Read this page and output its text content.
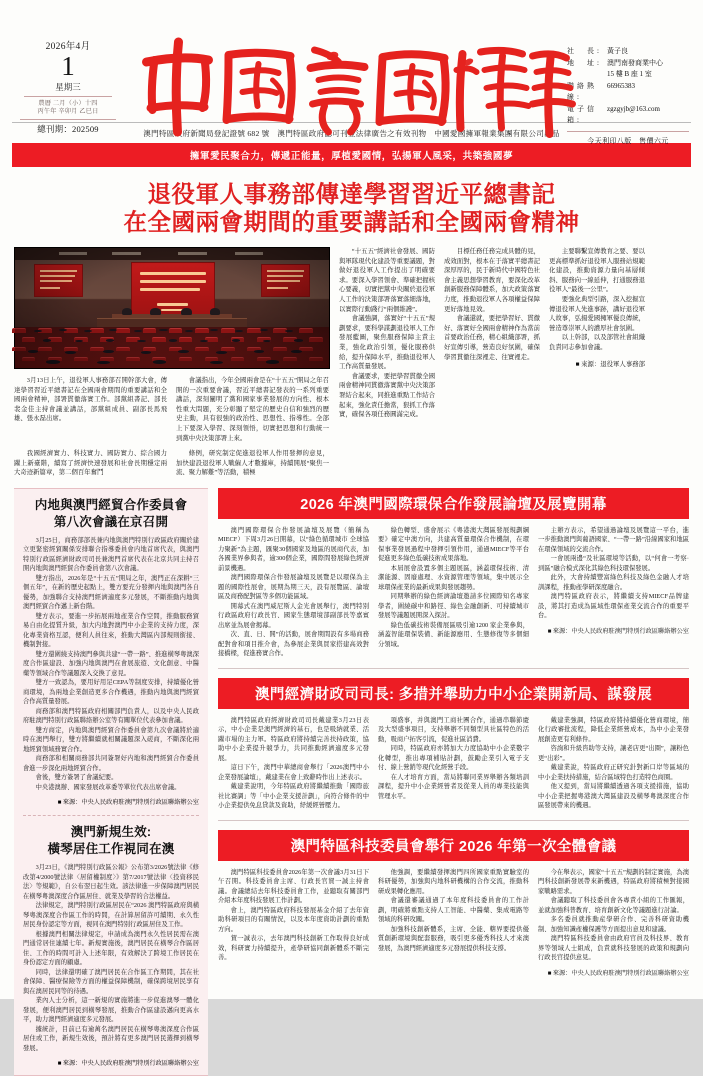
2026年4月
1
星期三
農曆 二月（小）十四
丙午年 辛卯月 乙巳日
總刊期：202509
社　長: 黃子良
地　址: 澳門南發商業中心
15 樓 B 座 1 室
聯絡熱線:
66965383
電子信箱:
zgzgyjb@163.com
今天利印八版　售價六元
澳門特區政府新聞局登記證號 682 號　澳門特區政府認可刊登法律廣告之有效刊物　中國愛國擁軍報業集團有限公司出品
擁軍愛民聚合力，傳遞正能量，厚植愛國情，弘揚軍人風采，共築強國夢
退役軍人事務部傳達學習習近平總書記
在全國兩會期間的重要講話和全國兩會精神

3月13日上午，退役軍人事務部召開幹部大會，傳達學習習近平總書記在全國兩會期間的重要講話和全國兩會精神，部署貫徹落實工作。部黨組書記、部長裴金佳主持會議並講話，部黨組成員、副部長馬飛雄、張永磊出席。

會議指出，今年全國兩會是在“十五五”開局之年召開的一次重要會議，習近平總書記發表的一系列重要講話，深刻闡明了黨和國家事業發展的方向性、根本性重大問題，充分彰顯了堅定的歷史自信和強烈的歷史主動，具有很強的政治性、思想性、指導性。全部上下要深入學習、深刻領悟，切實把思想和行動統一到黨中央決策部署上來。

我國經濟實力、科技實力、國防實力、綜合國力躍上新臺階，續寫了經濟快速發展和社會長期穩定兩大奇迹新篇章，第二個百年奮鬥

條例，研究制定促進退役軍人作用發揮的意見，加快建設退役軍人戰僱人才數據庫，持續開展“聚焦一流、聚力解難”等活動，積極

“十五五”經濟社會發展、國防與軍隊現代化建設等重要議題，對做好退役軍人工作提出了明確要求。要深入學習領會、準確把握核心要義，切實把黨中央關於退役軍人工作的決策部署落實落細落地，以實際行動踐行“兩個維護”。

會議強調，落實好“十五五”規劃要求，要科學謀劃退役軍人工作發展藍圖，聚焦服務保障主責主業，強化政治引領，優化服務供給，提升保障水平，推動退役軍人工作高質量發展。

會議要求，要把學習貫徹全國兩會精神同貫徹落實黨中央決策部署結合起來，同推進重點工作結合起來，強化責任擔當，狠抓工作落實，確保各項任務圓滿完成。

目標任務任務完成具體的見，成效面對，根本在于落實平總書記深厚厚的，民于新時代中國特色社會主義思想學習教育，要深化改革創新服務保障體系，加大政策落實力度，推動退役軍人各項權益保障更好落地見效。

會議還就，要把學習好、貫徹好、落實好全國兩會精神作為當前首要政治任務，精心組織部署，抓好宣傳引導，營造良好氛圍，確保學習貫徹往深裡走、往實裡走。

主要聯繫宣傳教育之要、要以更高標準抓好退役軍人服務站規範化建設，推動資源力量向基層傾斜、服務向一線延伸，打通服務退役軍人“最後一公里”。

要強化典型引路，深入挖掘宣傳退役軍人先進事跡，講好退役軍人故事，弘揚愛國擁軍優良傳統，營造尊崇軍人的濃厚社會氛圍。

以上幹部，以及部管社會組織負責同志參加會議。

■ 來源：退役軍人事務部
内地與澳門經貿合作委員會
第八次會議在京召開

3月25日，商務部部長兼内地與澳門特別行政區政府關於建立更緊密經貿關係安排聯合指導委員會内地首席代表，與澳門特別行政區經濟財政司司長兼澳門首席代表在北京共同主持召開内地與澳門經貿合作委員會第八次會議。

雙方指出，2026年是“十五五”開局之年，澳門正在深耕“三個五年”，在新的歷史起點上，雙方要充分發揮内地與澳門各自優勢，加強聯合支持澳門經濟適度多元發展，不斷推動内地與澳門經貿合作邁上新台階。

雙方表示，要進一步拓展兩地產業合作空間，推動服務貿易自由化提質升級，加大内地對澳門中小企業的支持力度，深化專業資格互認，便利人員往來，推動大灣區内部規則銜接、機制對接。

雙方還圍繞支持澳門參與共建“一帶一路”、推進橫琴粵澳深度合作區建設、加強内地與澳門在會展旅遊、文化創意、中醫藥等領域合作等議題深入交換了意見。

雙方一致認為，要用好用足CEPA等制度安排，持續優化營商環境，為兩地企業創造更多合作機遇，推動内地與澳門經貿合作高質量發展。

商務部和澳門特區政府相關部門負責人，以及中央人民政府駐澳門特別行政區聯絡辦公室等有關單位代表參加會議。

雙方商定，内地與澳門經貿合作委員會第九次會議將於適時在澳門舉行，雙方將繼續就相關議題深入磋商，不斷深化兩地經貿領域務實合作。

商務部和相關商務部共同簽署好内地和澳門經貿合作委員會進一步深化兩地經貿合作。

會後，雙方簽署了會議紀要。

中央港澳辦、國家發展改革委等單位代表出席會議。

■ 來源：中央人民政府駐澳門特別行政區聯絡辦公室
澳門新規生效:
橫琴居住工作視同在澳

3月23日，《澳門特別行政區公報》公布第3/2026號法律《修改第4/2000號法律〈居留權制度〉》第7/2017號法律〈投資移民法〉等規範》，自公布翌日起生效。該法律進一步保障澳門居民在橫琴粵澳深度合作區居住、就業及學習的合法權益。

法律規定，澳門特別行政區居民在“2026 澳門特區政府與橫琴粵澳深度合作區工作的時間，在計算居留許可續期、永久性居民身份認定等方面，視同在澳門特別行政區居住及工作。

根據澳門相關法律規定，申請成為澳門永久性居民需在澳門通常居住連續七年。新規實施後，澳門居民在橫琴合作區居住、工作的時間可計入上述年限，有效解決了跨境工作居民在身份認定方面的顧慮。

同時，法律還明確了澳門居民在合作區工作期間，其在社會保障、醫療保險等方面的權益保障機制，確保跨境居民享有與在澳居民同等的待遇。

業內人士分析，這一新規的實施將進一步促進澳琴一體化發展，便利澳門居民到橫琴發展，推動合作區建設邁向更高水平，助力澳門經濟適度多元發展。

據統計，目前已有逾萬名澳門居民在橫琴粵澳深度合作區居住或工作，新規生效後，預計將有更多澳門居民選擇到橫琴發展。

■ 來源：中央人民政府駐澳門特別行政區聯絡辦公室
2026 年澳門國際環保合作發展論壇及展覽開幕

澳門國際環保合作發展論壇及展覽（簡稱為MIECF）下周3月26日開幕，以“綠色循環城市 全球協力聚新”為主題，匯聚30個國家及地區的展商代表，加各國業界參與者，逾300個企業，國際間發展綠色經濟前景機遇。

澳門國際環保合作發展論壇及展覽是以環保為主題的國際性展會，展期為期三天，設有展覽區、論壇區及商務配對區等多個功能區域。

開幕式在澳門威尼斯人金光會展舉行，澳門特別行政區政府行政長官、國家生態環境部副部長等嘉賓出席並為展會揭幕。

次、直、日、開”的活動，展會期間設有多場商務配對會和項目推介會，為參展企業與買家搭建高效對接橋樑，促進務實合作。

綠色轉型、盛會展示《粵港澳大灣區發展規劃綱要》確定中澳方向，共建高質量環保合作機制，在環保事業發展過程中發揮引領作用，通過MIECF等平台促進更多綠色低碳技術成果落地。

本屆展會設置多個主題展區，涵蓋環保技術、清潔能源、固廢處理、水資源管理等領域，集中展示全球環保產業的最新成果與發展趨勢。

同期舉辦的綠色經濟論壇邀請多位國際知名專家學者，圍繞碳中和路徑、綠色金融創新、可持續城市發展等議題展開深入探討。

綠色低碳技術裝備展區吸引逾1200 家企業參與，涵蓋智能環保裝備、新能源應用、生態修復等多個細分領域。

主辦方表示，希望通過論壇及展覽這一平台，進一步推動澳門與葡語國家、“一帶一路”沿線國家和地區在環保領域的交流合作。

一會展兩邊“及社區環境等活動，以“何會一考察·到區”融合模式深化其綠色科技環保發展。

此外，大會持續豐富綠色科技及綠色金融人才培訓課程，推動產學研深度融合。

澳門特區政府表示，將繼續支持MIECF品牌建設，將其打造成為區域性環保產業交流合作的重要平台。

■ 來源：中央人民政府駐澳門特別行政區聯絡辦公室
澳門經濟財政司司長: 多措并舉助力中小企業開新局、謀發展

澳門特區政府經濟財政司司長戴建業3月23日表示，中小企業是澳門經濟的基石，也是吸納就業、活躍市場的主力軍。特區政府將持續完善扶持政策，協助中小企業提升競爭力，共同推動經濟適度多元發展。

這日下午，澳門中華總商會舉行「2026澳門中小企業發展論壇」，戴建業在會上致辭時作出上述表示。

戴建業說明，今年特區政府將繼續推動「國際旅社比賽調」等「中小企業支援計劃」，向符合條件的中小企業提供免息貸款及資助，紓緩經營壓力。

項盛事，并與澳門工商社團合作，通過串聯節慶及大型盛事項目，支持舉辦不同類型具社區特色的活動，吸商户拓客引流，促進社區消費。

同時，特區政府亦將加大力度協助中小企業數字化轉型，推出專項補貼計劃，鼓勵企業引入電子支付、線上營銷等現代化經營手段。

在人才培育方面，當局將聯同業界舉辦各類培訓課程，提升中小企業經營者及從業人員的專業技能與管理水平。

戴建業強調，特區政府將持續優化營商環境，簡化行政審批流程，降低企業經營成本，為中小企業發展創造更有利條件。

咨詢和升級咨助等支持，讓老店更“出圈”，讓粉色更“出彩”。

戴建業說，特區政府正研究針對新口岸等區域的中小企業扶持措施，結合區域特色打造特色商圈。

他又提到，當局將繼續透過各項支援措施，協助中小企業把握粵港澳大灣區建設及橫琴粵澳深度合作區發展帶來的機遇。

澳門特區科技委員會舉行 2026 年第一次全體會議

澳門特區科技委員會2026年第一次會議3月31日下午召開。科技委員會主席、行政長官賀一誠主持會議。會議總結去年科技委員會工作，並聽取有關部門介紹本年度科技發展工作計劃。

會上，澳門特區政府科技發展基金介紹了去年資助科研項目的有關情況，以及本年度資助計劃的重點方向。

賀一誠表示，去年澳門科技創新工作取得良好成效，科研實力持續提升，產學研協同創新體系不斷完善。

他強調，要繼續發揮澳門四所國家重點實驗室的科研優勢，加強與内地科研機構的合作交流，推動科研成果轉化應用。

會議還審議通過了本年度科技委員會的工作計劃，明確將重點支持人工智能、中醫藥、集成電路等領域的科研攻關。

加強科技創新體系，主席、全能、轄界要提供優質創新環境與配套服務，吸引更多優秀科技人才來澳發展，為澳門經濟適度多元發展提供科技支撐。

今在舉表示，國家“十五五”規劃的制定實施，為澳門科技創新發展帶來新機遇，特區政府將積極對接國家戰略需求。

會議聽取了科技委員會各專責小組的工作匯報，並就加強科普教育、培育創新文化等議題進行討論。

多名委員就推動産學研合作、完善科研資助機制、加強知識產權保護等方面提出意見和建議。

澳門特區科技委員會由政府官員及科技界、教育界等領域人士組成，負責就科技發展的政策和規劃向行政長官提供意見。

■ 來源：中央人民政府駐澳門特別行政區聯絡辦公室
